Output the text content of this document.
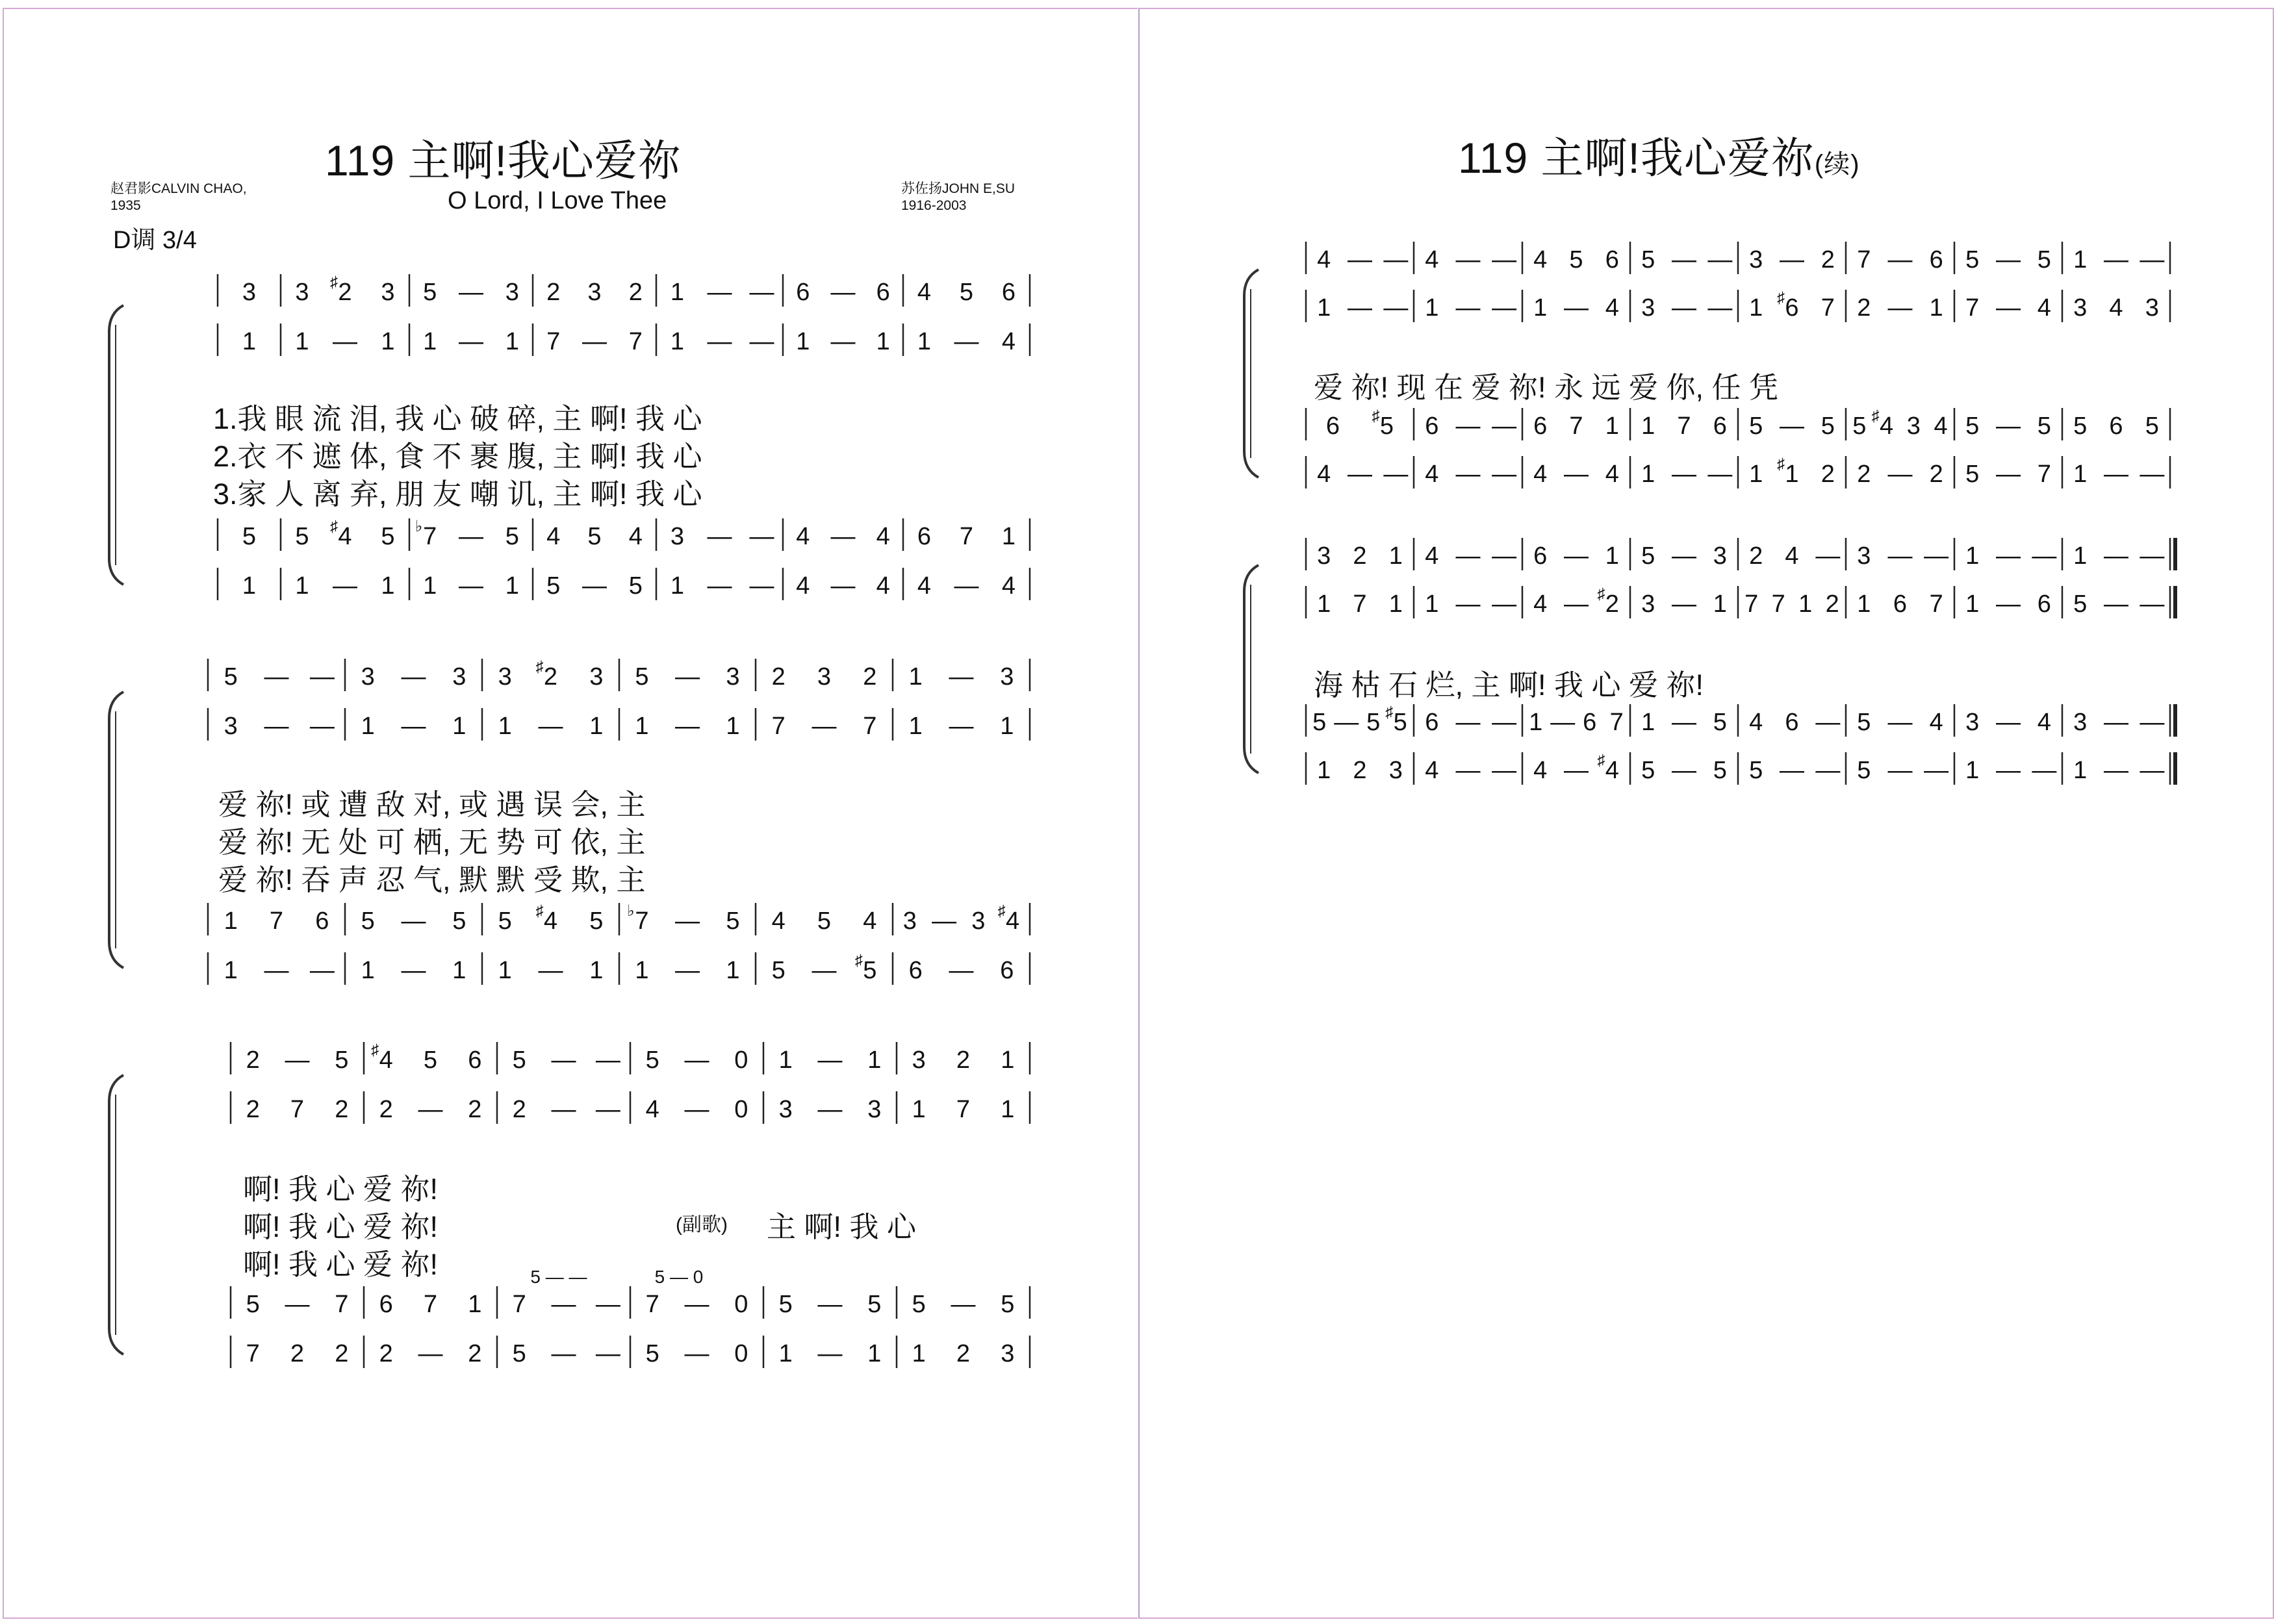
119 主啊!我心爱祢
O Lord, I Love Thee
赵君影CALVIN CHAO,
1935
苏佐扬JOHN E,SU
1916-2003
D调 3/4
1.我 眼 流 泪, 我 心 破 碎, 主 啊! 我 心
2.衣 不 遮 体, 食 不 裹 腹, 主 啊! 我 心
3.家 人 离 弃, 朋 友 嘲 讥, 主 啊! 我 心
爱 祢! 或 遭 敌 对, 或 遇 误 会, 主
爱 祢! 无 处 可 栖, 无 势 可 依, 主
爱 祢! 吞 声 忍 气, 默 默 受 欺, 主
啊! 我 心 爱 祢!
啊! 我 心 爱 祢!
啊! 我 心 爱 祢!
(副歌) 主 啊! 我 心
119 主啊!我心爱祢(续)
爱 祢! 现 在 爱 祢! 永 远 爱 你, 任 凭
海 枯 石 烂, 主 啊! 我 心 爱 祢!
3 3 2
♯ 3 5 — 3 2 3 2 1 — — 6 — 6 4 5 6
1 1 — 1 1 — 1 7 — 7 1 — — 1 — 1 1 — 4
5 5 4
♯ 5 7
♭ — 5 4 5 4 3 — — 4 — 4 6 7 1
1 1 — 1 1 — 1 5 — 5 1 — — 4 — 4 4 — 4
5 — — 3 — 3 3 2
♯ 3 5 — 3 2 3 2 1 — 3
3 — — 1 — 1 1 — 1 1 — 1 7 — 7 1 — 1
1 7 6 5 — 5 5 4
♯ 5 7
♭ — 5 4 5 4 3 — 3 4
♯
1 — — 1 — 1 1 — 1 1 — 1 5 — 5
♯ 6 — 6
2 — 5 4
♯ 5 6 5 — — 5 — 0 1 — 1 3 2 1
2 7 2 2 — 2 2 — — 4 — 0 3 — 3 1 7 1
5 — 7 6 7 1 7 — — 7 — 0 5 — 5 5 — 5
7 2 2 2 — 2 5 — — 5 — 0 1 — 1 1 2 3
5 — —	5 — 0
4 — — 4 — — 4 5 6 5 — — 3 — 2 7 — 6 5 — 5 1 — —
1 — — 1 — — 1 — 4 3 — — 1 6
♯ 7 2 — 1 7 — 4 3 4 3
6 5
♯ 6 — — 6 7 1 1 7 6 5 — 5 5 4
♯ 3 4 5 — 5 5 6 5
4 — — 4 — — 4 — 4 1 — — 1 1
♯ 2 2 — 2 5 — 7 1 — —
3 2 1 4 — — 6 — 1 5 — 3 2 4 — 3 — — 1 — — 1 — —
1 7 1 1 — — 4 — 2
♯ 3 — 1 7 7 1 2 1 6 7 1 — 6 5 — —
5 — 5 5
♯ 6 — — 1 — 6 7 1 — 5 4 6 — 5 — 4 3 — 4 3 — —
1 2 3 4 — — 4 — 4
♯ 5 — 5 5 — — 5 — — 1 — — 1 — —
